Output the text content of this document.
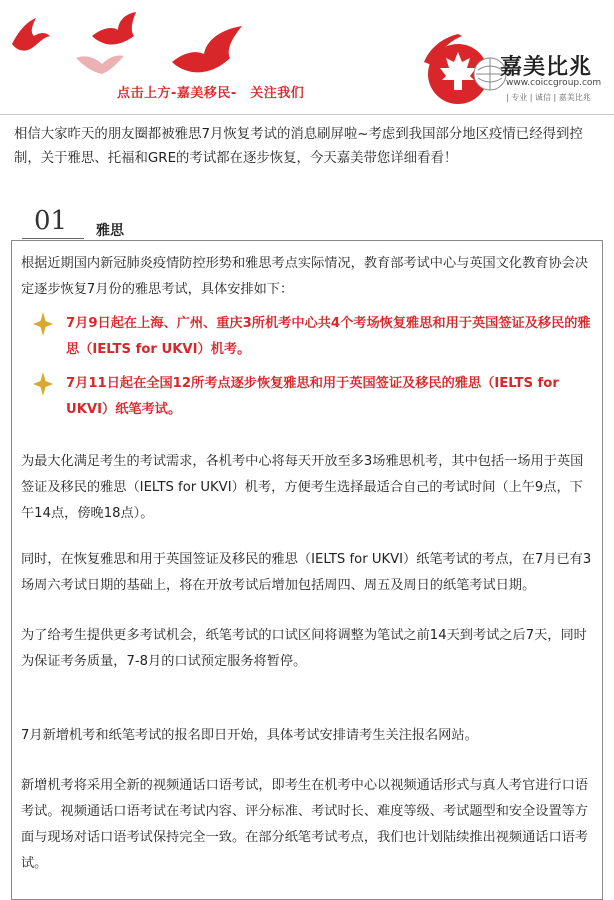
点击上方-嘉美移民-　关注我们
嘉美比兆
www.coiccgroup.com
| 专业 | 诚信 | 嘉美比兆

相信大家昨天的朋友圈都被雅思7月恢复考试的消息刷屏啦~考虑到我国部分地区疫情已经得到控制，关于雅思、托福和GRE的考试都在逐步恢复，今天嘉美带您详细看看！

01 雅思

根据近期国内新冠肺炎疫情防控形势和雅思考点实际情况，教育部考试中心与英国文化教育协会决定逐步恢复7月份的雅思考试，具体安排如下：

7月9日起在上海、广州、重庆3所机考中心共4个考场恢复雅思和用于英国签证及移民的雅思（IELTS for UKVI）机考。

7月11日起在全国12所考点逐步恢复雅思和用于英国签证及移民的雅思（IELTS for UKVI）纸笔考试。

为最大化满足考生的考试需求，各机考中心将每天开放至多3场雅思机考，其中包括一场用于英国签证及移民的雅思（IELTS for UKVI）机考，方便考生选择最适合自己的考试时间（上午9点，下午14点，傍晚18点）。

同时，在恢复雅思和用于英国签证及移民的雅思（IELTS for UKVI）纸笔考试的考点，在7月已有3场周六考试日期的基础上，将在开放考试后增加包括周四、周五及周日的纸笔考试日期。

为了给考生提供更多考试机会，纸笔考试的口试区间将调整为笔试之前14天到考试之后7天，同时为保证考务质量，7-8月的口试预定服务将暂停。

7月新增机考和纸笔考试的报名即日开始，具体考试安排请考生关注报名网站。

新增机考将采用全新的视频通话口语考试，即考生在机考中心以视频通话形式与真人考官进行口语考试。视频通话口语考试在考试内容、评分标准、考试时长、难度等级、考试题型和安全设置等方面与现场对话口语考试保持完全一致。在部分纸笔考试考点，我们也计划陆续推出视频通话口语考试。
